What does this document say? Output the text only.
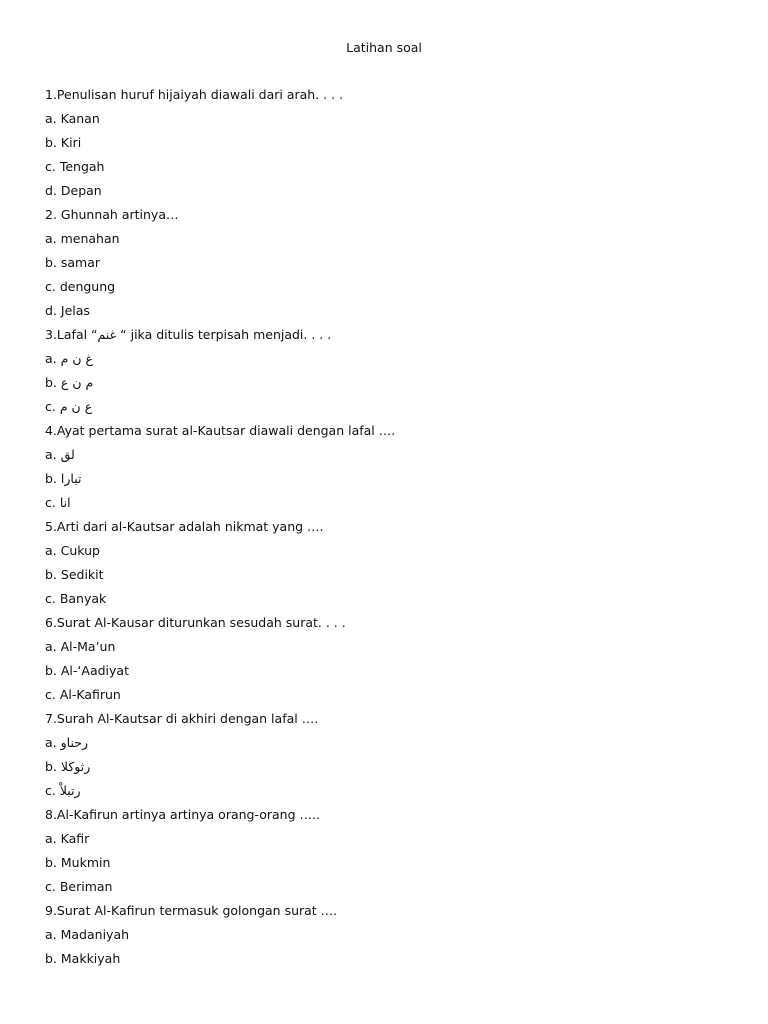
Latihan soal
1.Penulisan huruf hijaiyah diawali dari arah. . . .
a. Kanan
b. Kiri
c. Tengah
d. Depan
2. Ghunnah artinya…
a. menahan
b. samar
c. dengung
d. Jelas
3.Lafal “غنم “ jika ditulis terpisah menjadi. . . .
a. غ ن م
b. م ن ع
c. ع ن م
4.Ayat pertama surat al-Kautsar diawali dengan lafal ….
a. لق
b. تبارا
c. انا
5.Arti dari al-Kautsar adalah nikmat yang ….
a. Cukup
b. Sedikit
c. Banyak
6.Surat Al-Kausar diturunkan sesudah surat. . . .
a. Al-Ma’un
b. Al-‘Aadiyat
c. Al-Kafirun
7.Surah Al-Kautsar di akhiri dengan lafal ….
a. رحناو
b. رثوكلا
c. رتبلاْ
8.Al-Kafirun artinya artinya orang-orang …..
a. Kafir
b. Mukmin
c. Beriman
9.Surat Al-Kafirun termasuk golongan surat ….
a. Madaniyah
b. Makkiyah
